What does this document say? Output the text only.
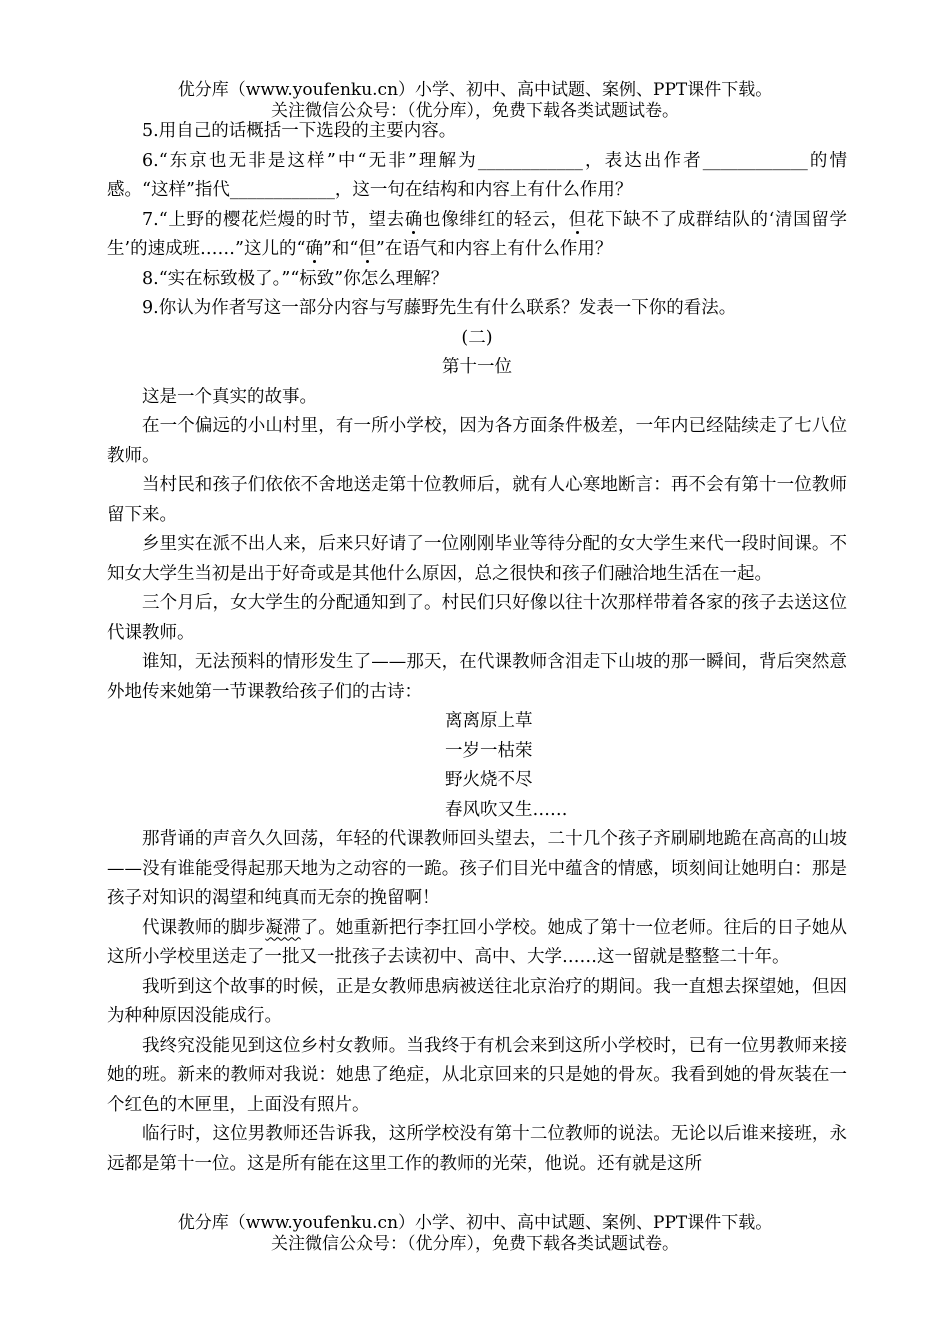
优分库（www.youfenku.cn）小学、初中、高中试题、案例、PPT课件下载。
关注微信公众号：（优分库），免费下载各类试题试卷。

5.用自己的话概括一下选段的主要内容。

6.“东京也无非是这样”中“无非”理解为____________，表达出作者____________的情感。“这样”指代____________，这一句在结构和内容上有什么作用？

7.“上野的樱花烂熳的时节，望去确也像绯红的轻云，但花下缺不了成群结队的‘清国留学生’的速成班……”这儿的“确”和“但”在语气和内容上有什么作用？

8.“实在标致极了。”“标致”你怎么理解？

9.你认为作者写这一部分内容与写藤野先生有什么联系？发表一下你的看法。

(二)

第十一位

这是一个真实的故事。

在一个偏远的小山村里，有一所小学校，因为各方面条件极差，一年内已经陆续走了七八位教师。

当村民和孩子们依依不舍地送走第十位教师后，就有人心寒地断言：再不会有第十一位教师留下来。

乡里实在派不出人来，后来只好请了一位刚刚毕业等待分配的女大学生来代一段时间课。不知女大学生当初是出于好奇或是其他什么原因，总之很快和孩子们融洽地生活在一起。

三个月后，女大学生的分配通知到了。村民们只好像以往十次那样带着各家的孩子去送这位代课教师。

谁知，无法预料的情形发生了——那天，在代课教师含泪走下山坡的那一瞬间，背后突然意外地传来她第一节课教给孩子们的古诗：

离离原上草

一岁一枯荣

野火烧不尽

春风吹又生……

那背诵的声音久久回荡，年轻的代课教师回头望去，二十几个孩子齐刷刷地跪在高高的山坡——没有谁能受得起那天地为之动容的一跪。孩子们目光中蕴含的情感，顷刻间让她明白：那是孩子对知识的渴望和纯真而无奈的挽留啊！

代课教师的脚步凝滞了。她重新把行李扛回小学校。她成了第十一位老师。往后的日子她从这所小学校里送走了一批又一批孩子去读初中、高中、大学……这一留就是整整二十年。

我听到这个故事的时候，正是女教师患病被送往北京治疗的期间。我一直想去探望她，但因为种种原因没能成行。

我终究没能见到这位乡村女教师。当我终于有机会来到这所小学校时，已有一位男教师来接她的班。新来的教师对我说：她患了绝症，从北京回来的只是她的骨灰。我看到她的骨灰装在一个红色的木匣里，上面没有照片。

临行时，这位男教师还告诉我，这所学校没有第十二位教师的说法。无论以后谁来接班，永远都是第十一位。这是所有能在这里工作的教师的光荣，他说。还有就是这所

优分库（www.youfenku.cn）小学、初中、高中试题、案例、PPT课件下载。
关注微信公众号：（优分库），免费下载各类试题试卷。
